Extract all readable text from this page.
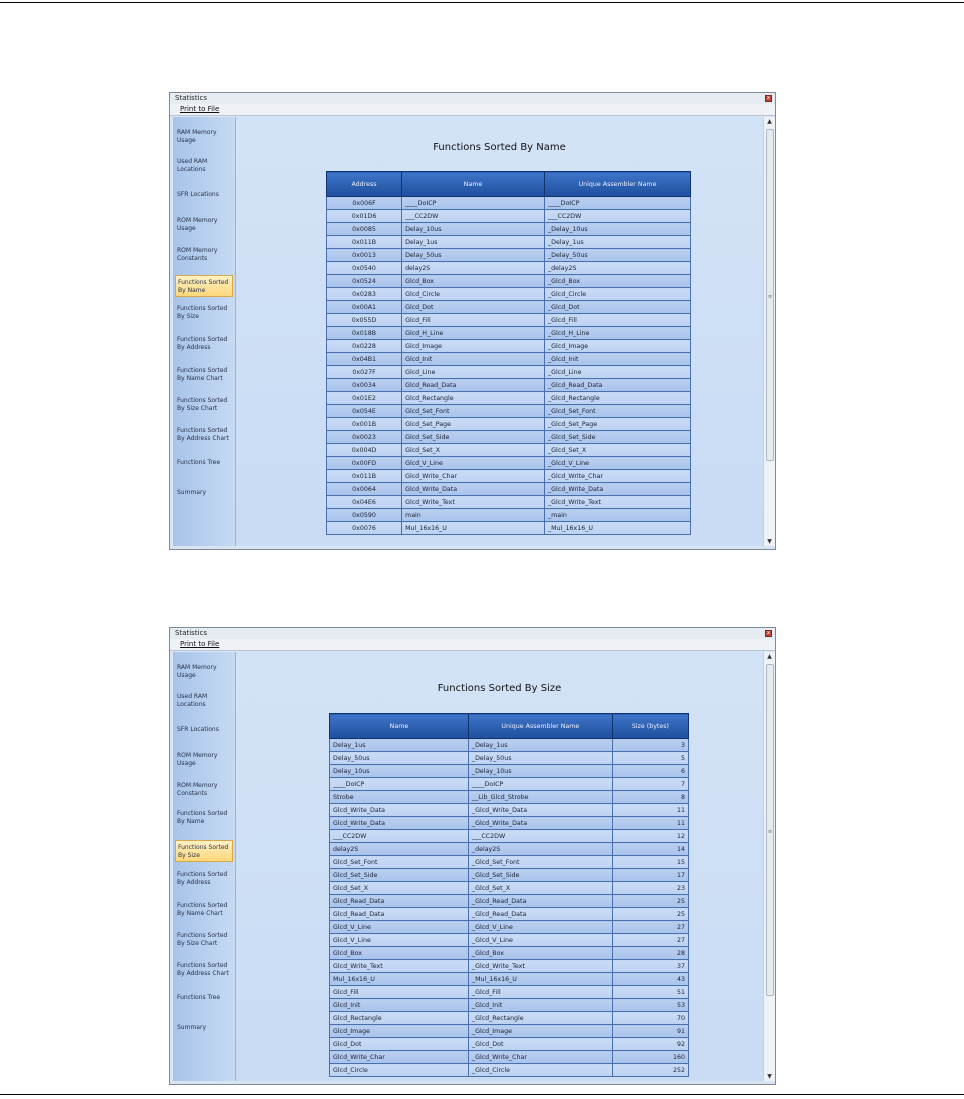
Statistics	x
Print to File
RAM Memory Usage
Used RAM Locations
SFR Locations
ROM Memory Usage
ROM Memory Constants
Functions Sorted By Name
Functions Sorted By Size
Functions Sorted By Address
Functions Sorted By Name Chart
Functions Sorted By Size Chart
Functions Sorted By Address Chart
Functions Tree
Summary
Functions Sorted By Name
Address	Name	Unique Assembler Name
0x006F	____DoICP	____DoICP
0x01D6	___CC2DW	___CC2DW
0x0085	Delay_10us	_Delay_10us
0x011B	Delay_1us	_Delay_1us
0x0013	Delay_50us	_Delay_50us
0x0540	delay2S	_delay2S
0x0524	Glcd_Box	_Glcd_Box
0x0283	Glcd_Circle	_Glcd_Circle
0x00A1	Glcd_Dot	_Glcd_Dot
0x055D	Glcd_Fill	_Glcd_Fill
0x018B	Glcd_H_Line	_Glcd_H_Line
0x0228	Glcd_Image	_Glcd_Image
0x04B1	Glcd_Init	_Glcd_Init
0x027F	Glcd_Line	_Glcd_Line
0x0034	Glcd_Read_Data	_Glcd_Read_Data
0x01E2	Glcd_Rectangle	_Glcd_Rectangle
0x054E	Glcd_Set_Font	_Glcd_Set_Font
0x001B	Glcd_Set_Page	_Glcd_Set_Page
0x0023	Glcd_Set_Side	_Glcd_Set_Side
0x004D	Glcd_Set_X	_Glcd_Set_X
0x00FD	Glcd_V_Line	_Glcd_V_Line
0x011B	Glcd_Write_Char	_Glcd_Write_Char
0x0064	Glcd_Write_Data	_Glcd_Write_Data
0x04E6	Glcd_Write_Text	_Glcd_Write_Text
0x0590	main	_main
0x0076	Mul_16x16_U	_Mul_16x16_U
▲
≡
▼
Statistics	x
Print to File
RAM Memory Usage
Used RAM Locations
SFR Locations
ROM Memory Usage
ROM Memory Constants
Functions Sorted By Name
Functions Sorted By Size
Functions Sorted By Address
Functions Sorted By Name Chart
Functions Sorted By Size Chart
Functions Sorted By Address Chart
Functions Tree
Summary
Functions Sorted By Size
Name	Unique Assembler Name	Size (bytes)
Delay_1us	_Delay_1us	3
Delay_50us	_Delay_50us	5
Delay_10us	_Delay_10us	6
____DoICP	____DoICP	7
Strobe	__Lib_Glcd_Strobe	8
Glcd_Write_Data	_Glcd_Write_Data	11
Glcd_Write_Data	_Glcd_Write_Data	11
___CC2DW	___CC2DW	12
delay2S	_delay2S	14
Glcd_Set_Font	_Glcd_Set_Font	15
Glcd_Set_Side	_Glcd_Set_Side	17
Glcd_Set_X	_Glcd_Set_X	23
Glcd_Read_Data	_Glcd_Read_Data	25
Glcd_Read_Data	_Glcd_Read_Data	25
Glcd_V_Line	_Glcd_V_Line	27
Glcd_V_Line	_Glcd_V_Line	27
Glcd_Box	_Glcd_Box	28
Glcd_Write_Text	_Glcd_Write_Text	37
Mul_16x16_U	_Mul_16x16_U	43
Glcd_Fill	_Glcd_Fill	51
Glcd_Init	_Glcd_Init	53
Glcd_Rectangle	_Glcd_Rectangle	70
Glcd_Image	_Glcd_Image	91
Glcd_Dot	_Glcd_Dot	92
Glcd_Write_Char	_Glcd_Write_Char	160
Glcd_Circle	_Glcd_Circle	252
▲
≡
▼
